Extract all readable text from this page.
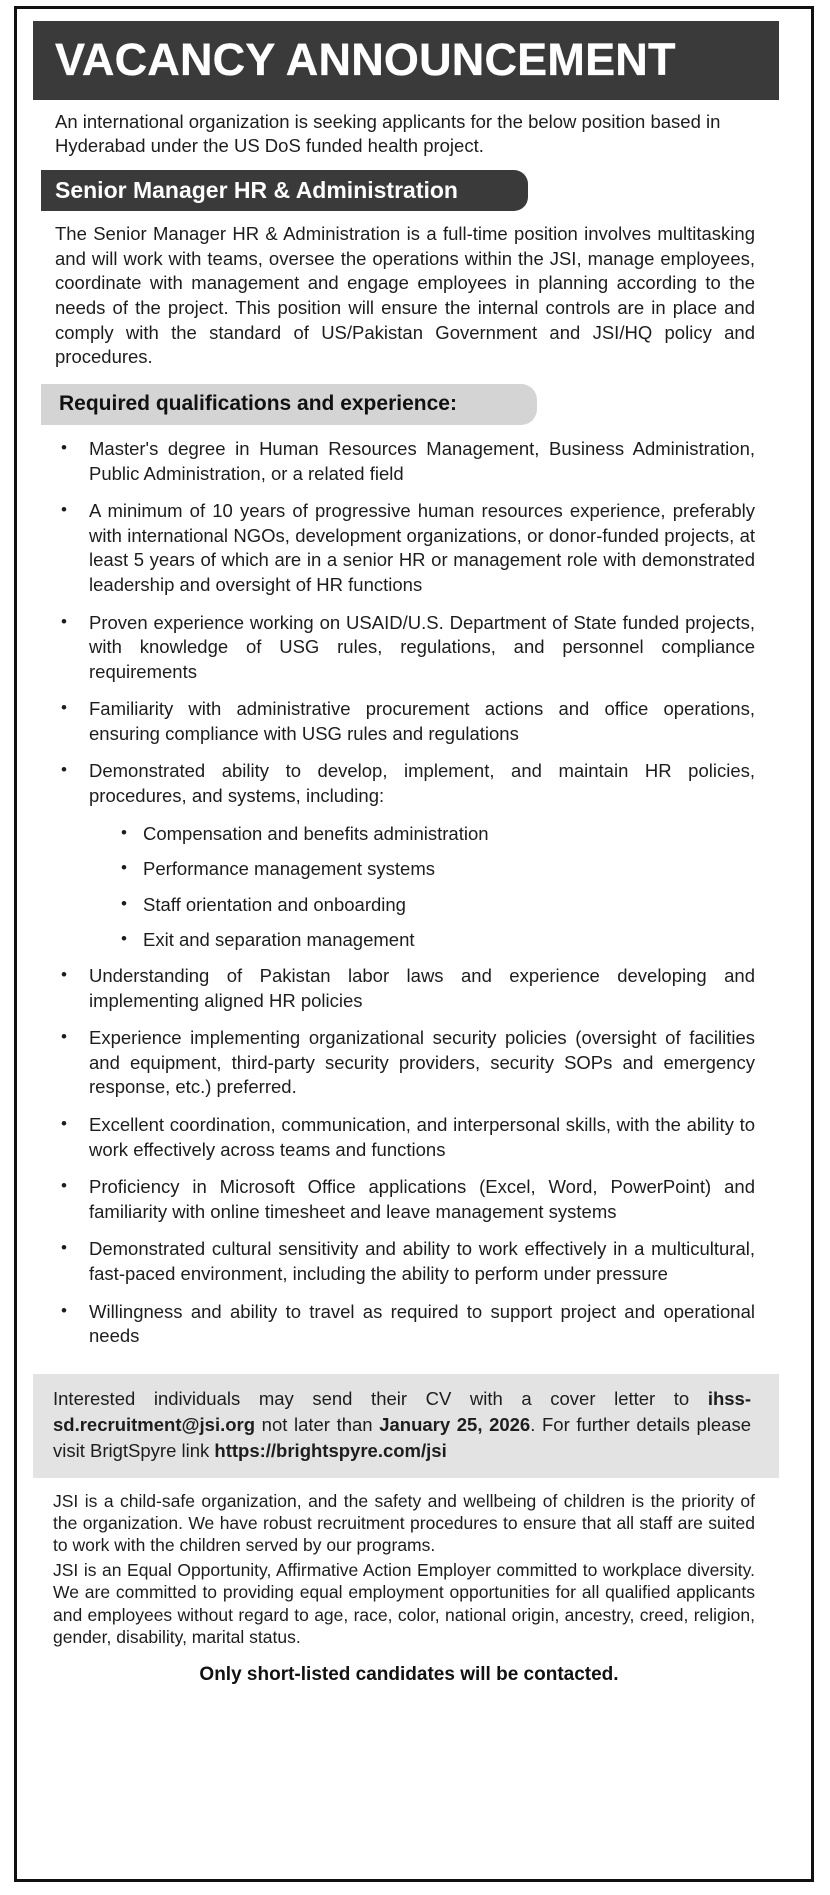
VACANCY ANNOUNCEMENT
An international organization is seeking applicants for the below position based in Hyderabad under the US DoS funded health project.
Senior Manager HR & Administration
The Senior Manager HR & Administration is a full-time position involves multitasking and will work with teams, oversee the operations within the JSI, manage employees, coordinate with management and engage employees in planning according to the needs of the project. This position will ensure the internal controls are in place and comply with the standard of US/Pakistan Government and JSI/HQ policy and procedures.
Required qualifications and experience:
•	Master's degree in Human Resources Management, Business Administration, Public Administration, or a related field
•	A minimum of 10 years of progressive human resources experience, preferably with international NGOs, development organizations, or donor-funded projects, at least 5 years of which are in a senior HR or management role with demonstrated leadership and oversight of HR functions
•	Proven experience working on USAID/U.S. Department of State funded projects, with knowledge of USG rules, regulations, and personnel compliance requirements
•	Familiarity with administrative procurement actions and office operations, ensuring compliance with USG rules and regulations
•	Demonstrated ability to develop, implement, and maintain HR policies, procedures, and systems, including:
• Compensation and benefits administration
• Performance management systems
• Staff orientation and onboarding
• Exit and separation management
•	Understanding of Pakistan labor laws and experience developing and implementing aligned HR policies
•	Experience implementing organizational security policies (oversight of facilities and equipment, third-party security providers, security SOPs and emergency response, etc.) preferred.
•	Excellent coordination, communication, and interpersonal skills, with the ability to work effectively across teams and functions
•	Proficiency in Microsoft Office applications (Excel, Word, PowerPoint) and familiarity with online timesheet and leave management systems
•	Demonstrated cultural sensitivity and ability to work effectively in a multicultural, fast-paced environment, including the ability to perform under pressure
•	Willingness and ability to travel as required to support project and operational needs
Interested individuals may send their CV with a cover letter to ihss-sd.recruitment@jsi.org not later than January 25, 2026. For further details please visit BrigtSpyre link https://brightspyre.com/jsi

JSI is a child-safe organization, and the safety and wellbeing of children is the priority of the organization. We have robust recruitment procedures to ensure that all staff are suited to work with the children served by our programs.

JSI is an Equal Opportunity, Affirmative Action Employer committed to workplace diversity. We are committed to providing equal employment opportunities for all qualified applicants and employees without regard to age, race, color, national origin, ancestry, creed, religion, gender, disability, marital status.

Only short-listed candidates will be contacted.
